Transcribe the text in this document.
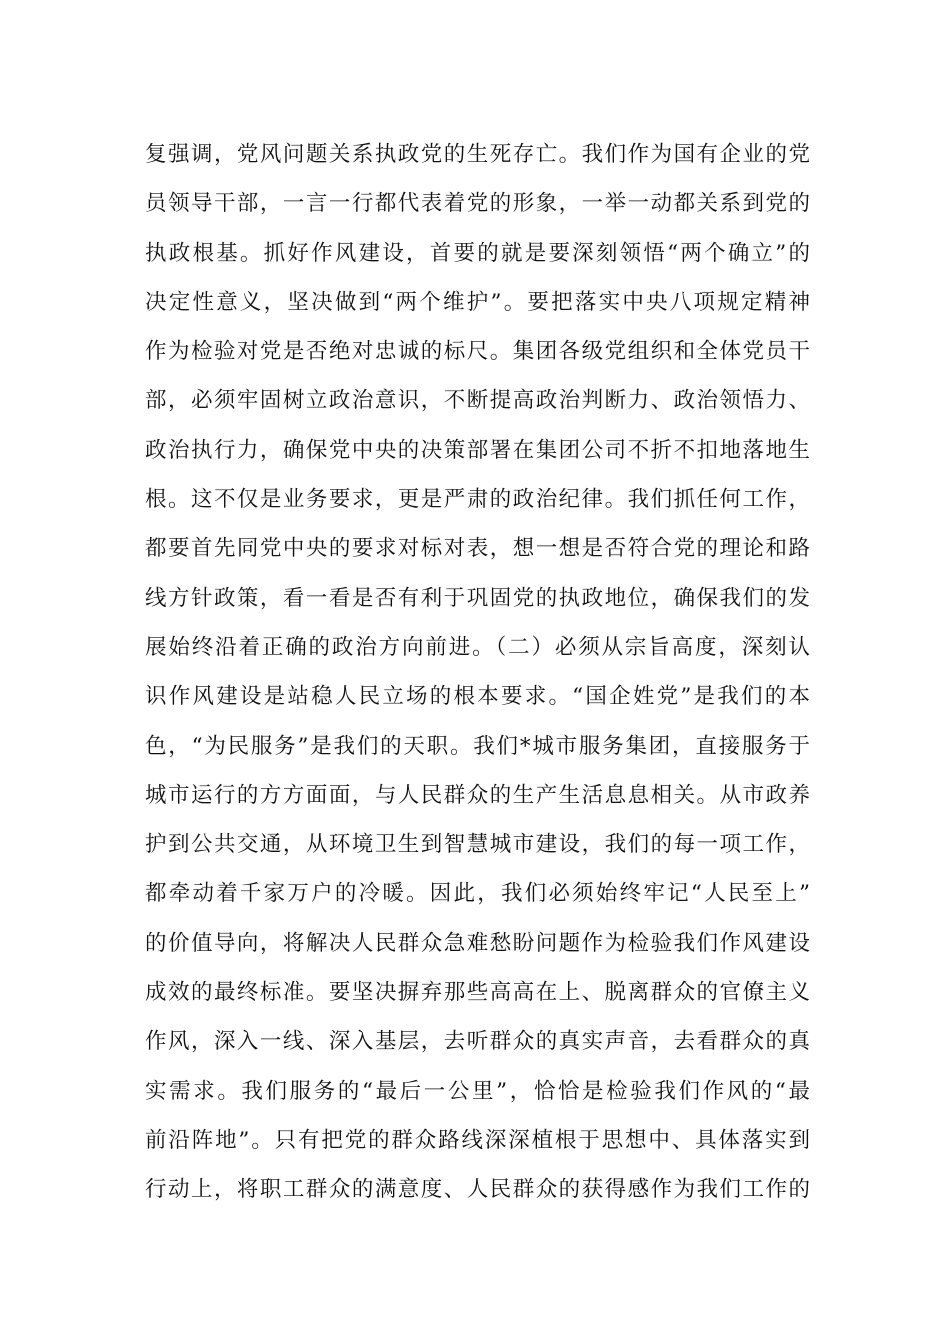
复强调，党风问题关系执政党的生死存亡。我们作为国有企业的党
员领导干部，一言一行都代表着党的形象，一举一动都关系到党的
执政根基。抓好作风建设，首要的就是要深刻领悟“两个确立”的
决定性意义，坚决做到“两个维护”。要把落实中央八项规定精神
作为检验对党是否绝对忠诚的标尺。集团各级党组织和全体党员干
部，必须牢固树立政治意识，不断提高政治判断力、政治领悟力、
政治执行力，确保党中央的决策部署在集团公司不折不扣地落地生
根。这不仅是业务要求，更是严肃的政治纪律。我们抓任何工作，
都要首先同党中央的要求对标对表，想一想是否符合党的理论和路
线方针政策，看一看是否有利于巩固党的执政地位，确保我们的发
展始终沿着正确的政治方向前进。（二）必须从宗旨高度，深刻认
识作风建设是站稳人民立场的根本要求。“国企姓党”是我们的本
色，“为民服务”是我们的天职。我们*城市服务集团，直接服务于
城市运行的方方面面，与人民群众的生产生活息息相关。从市政养
护到公共交通，从环境卫生到智慧城市建设，我们的每一项工作，
都牵动着千家万户的冷暖。因此，我们必须始终牢记“人民至上”
的价值导向，将解决人民群众急难愁盼问题作为检验我们作风建设
成效的最终标准。要坚决摒弃那些高高在上、脱离群众的官僚主义
作风，深入一线、深入基层，去听群众的真实声音，去看群众的真
实需求。我们服务的“最后一公里”，恰恰是检验我们作风的“最
前沿阵地”。只有把党的群众路线深深植根于思想中、具体落实到
行动上，将职工群众的满意度、人民群众的获得感作为我们工作的
